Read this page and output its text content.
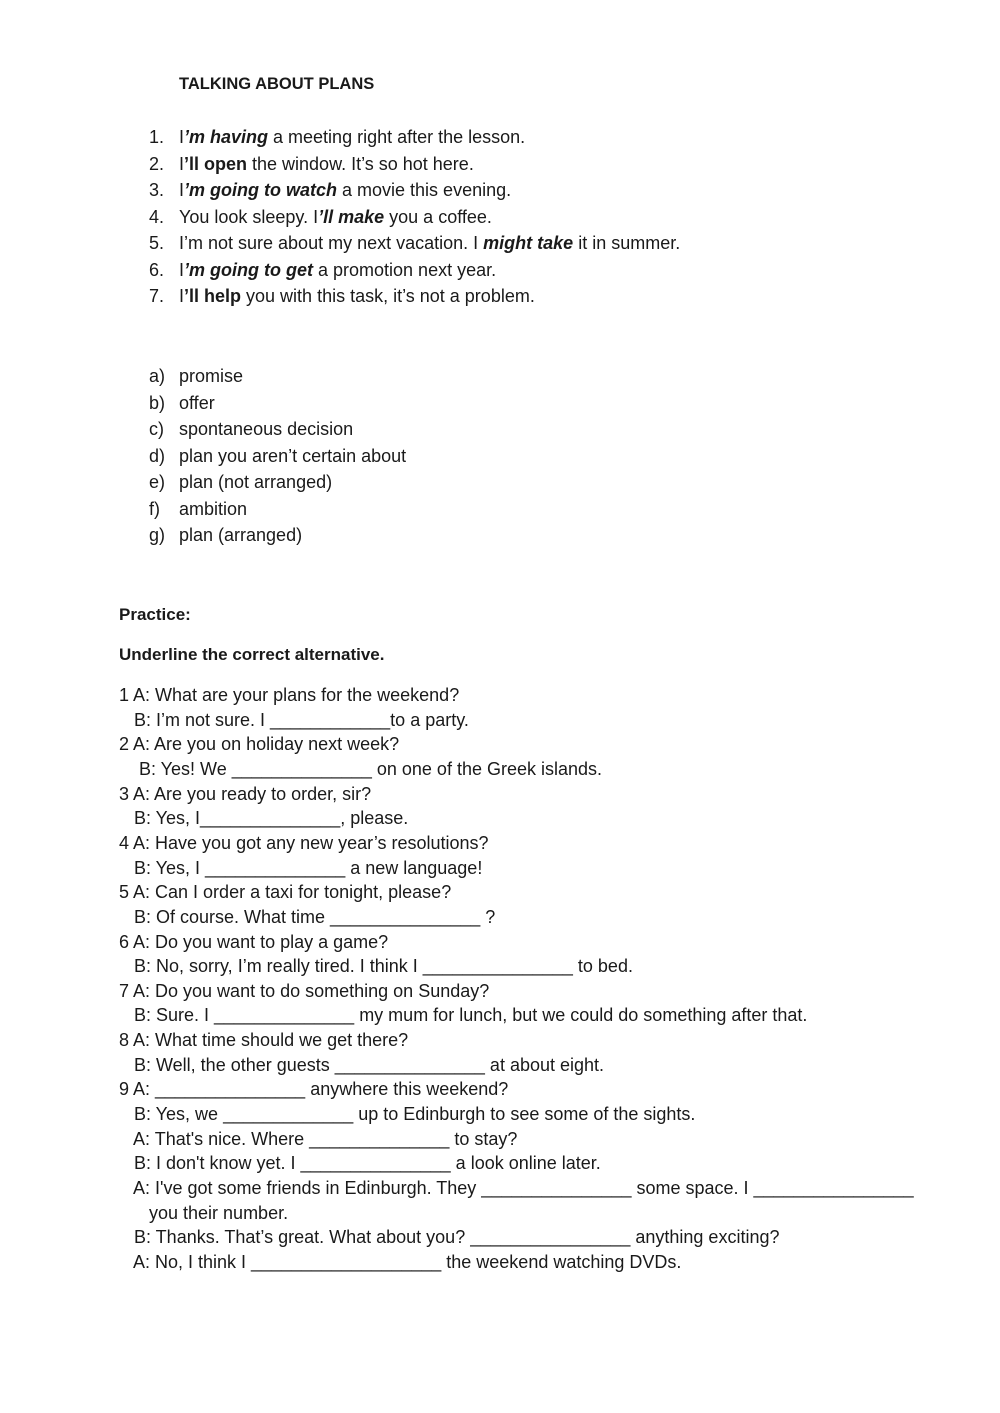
TALKING ABOUT PLANS
1. I’m having a meeting right after the lesson.
2. I’ll open the window. It’s so hot here.
3. I’m going to watch a movie this evening.
4. You look sleepy. I’ll make you a coffee.
5. I’m not sure about my next vacation. I might take it in summer.
6. I’m going to get a promotion next year.
7. I’ll help you with this task, it’s not a problem.
a) promise
b) offer
c) spontaneous decision
d) plan you aren’t certain about
e) plan (not arranged)
f)	ambition
g) plan (arranged)
Practice:
Underline the correct alternative.
1 A: What are your plans for the weekend?
B: I’m not sure. I ____________to a party.
2 A: Are you on holiday next week?
B: Yes! We ______________ on one of the Greek islands.
3 A: Are you ready to order, sir?
B: Yes, I______________, please.
4 A: Have you got any new year’s resolutions?
B: Yes, I ______________ a new language!
5 A: Can I order a taxi for tonight, please?
B: Of course. What time _______________ ?
6 A: Do you want to play a game?
B: No, sorry, I’m really tired. I think I _______________ to bed.
7 A: Do you want to do something on Sunday?
B: Sure. I ______________ my mum for lunch, but we could do something after that.
8 A: What time should we get there?
B: Well, the other guests _______________ at about eight.
9 A: _______________ anywhere this weekend?
B: Yes, we _____________ up to Edinburgh to see some of the sights.
A: That's nice. Where ______________ to stay?
B: I don't know yet. I _______________ a look online later.
A: I've got some friends in Edinburgh. They _______________ some space. I ________________
you their number.
B: Thanks. That’s great. What about you? ________________ anything exciting?
A: No, I think I ___________________ the weekend watching DVDs.
